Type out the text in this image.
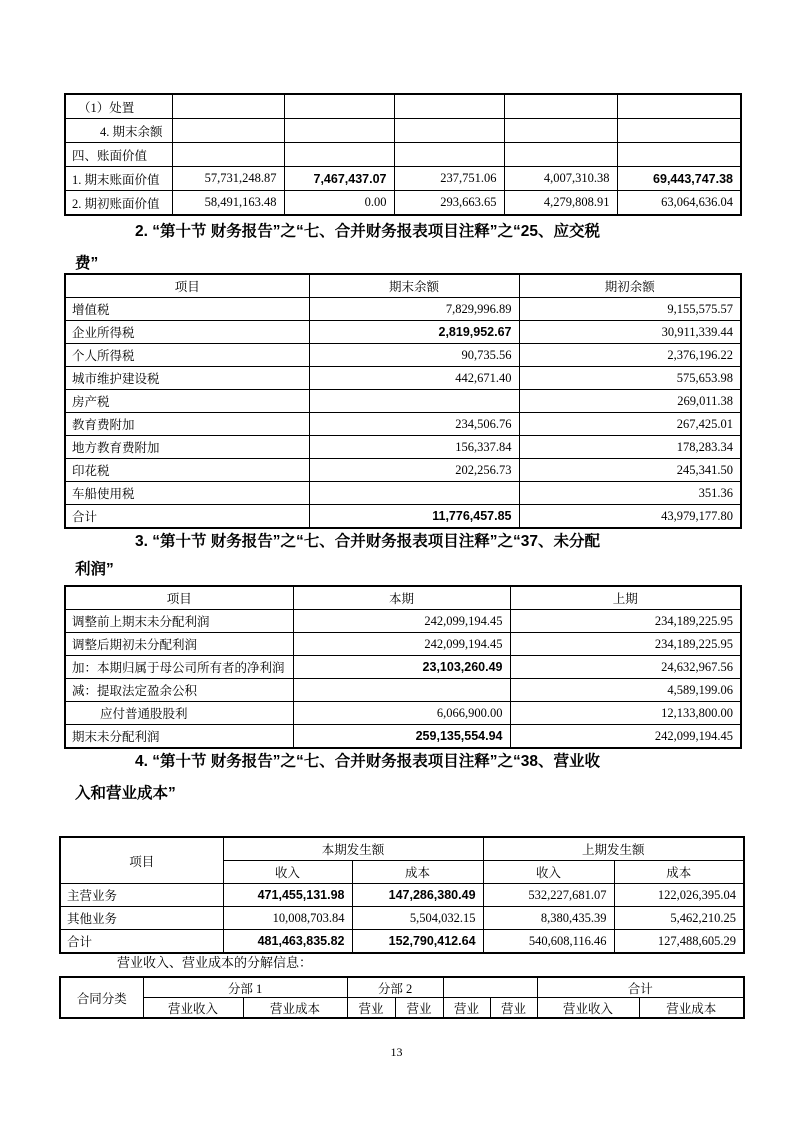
（1）处置					
4. 期末余额					
四、账面价值					
1. 期末账面价值	57,731,248.87	7,467,437.07	237,751.06	4,007,310.38	69,443,747.38
2. 期初账面价值	58,491,163.48	0.00	293,663.65	4,279,808.91	63,064,636.04
2. “第十节 财务报告”之“七、合并财务报表项目注释”之“25、应交税
费”
项目	期末余额	期初余额
增值税	7,829,996.89	9,155,575.57
企业所得税	2,819,952.67	30,911,339.44
个人所得税	90,735.56	2,376,196.22
城市维护建设税	442,671.40	575,653.98
房产税		269,011.38
教育费附加	234,506.76	267,425.01
地方教育费附加	156,337.84	178,283.34
印花税	202,256.73	245,341.50
车船使用税		351.36
合计	11,776,457.85	43,979,177.80
3. “第十节 财务报告”之“七、合并财务报表项目注释”之“37、未分配
利润”
项目	本期	上期
调整前上期末未分配利润	242,099,194.45	234,189,225.95
调整后期初未分配利润	242,099,194.45	234,189,225.95
加：本期归属于母公司所有者的净利润	23,103,260.49	24,632,967.56
减：提取法定盈余公积		4,589,199.06
应付普通股股利	6,066,900.00	12,133,800.00
期末未分配利润	259,135,554.94	242,099,194.45
4. “第十节 财务报告”之“七、合并财务报表项目注释”之“38、营业收
入和营业成本”
项目	本期发生额		上期发生额	
	收入	成本	收入	成本
主营业务	471,455,131.98	147,286,380.49	532,227,681.07	122,026,395.04
其他业务	10,008,703.84	5,504,032.15	8,380,435.39	5,462,210.25
合计	481,463,835.82	152,790,412.64	540,608,116.46	127,488,605.29
营业收入、营业成本的分解信息：
合同分类	分部 1		分部 2				合计	
	营业收入	营业成本	营业	营业	营业	营业	营业收入	营业成本
13
